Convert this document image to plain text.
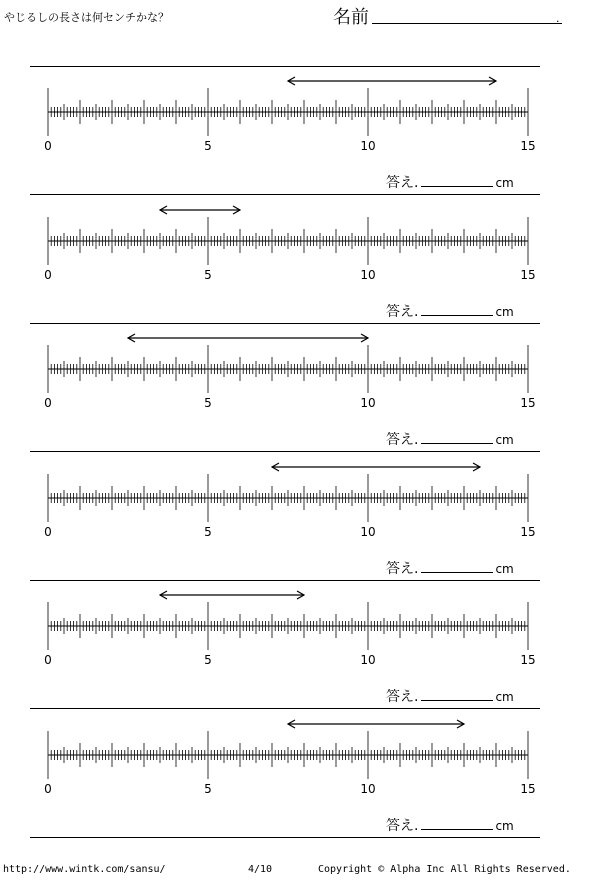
やじるしの長さは何センチかな？	名前	.
0	5	10	15
答え.	cm
0	5	10	15
答え.	cm
0	5	10	15
答え.	cm
0	5	10	15
答え.	cm
0	5	10	15
答え.	cm
0	5	10	15
答え.	cm
http://www.wintk.com/sansu/	4/10	Copyright © Alpha Inc All Rights Reserved.
